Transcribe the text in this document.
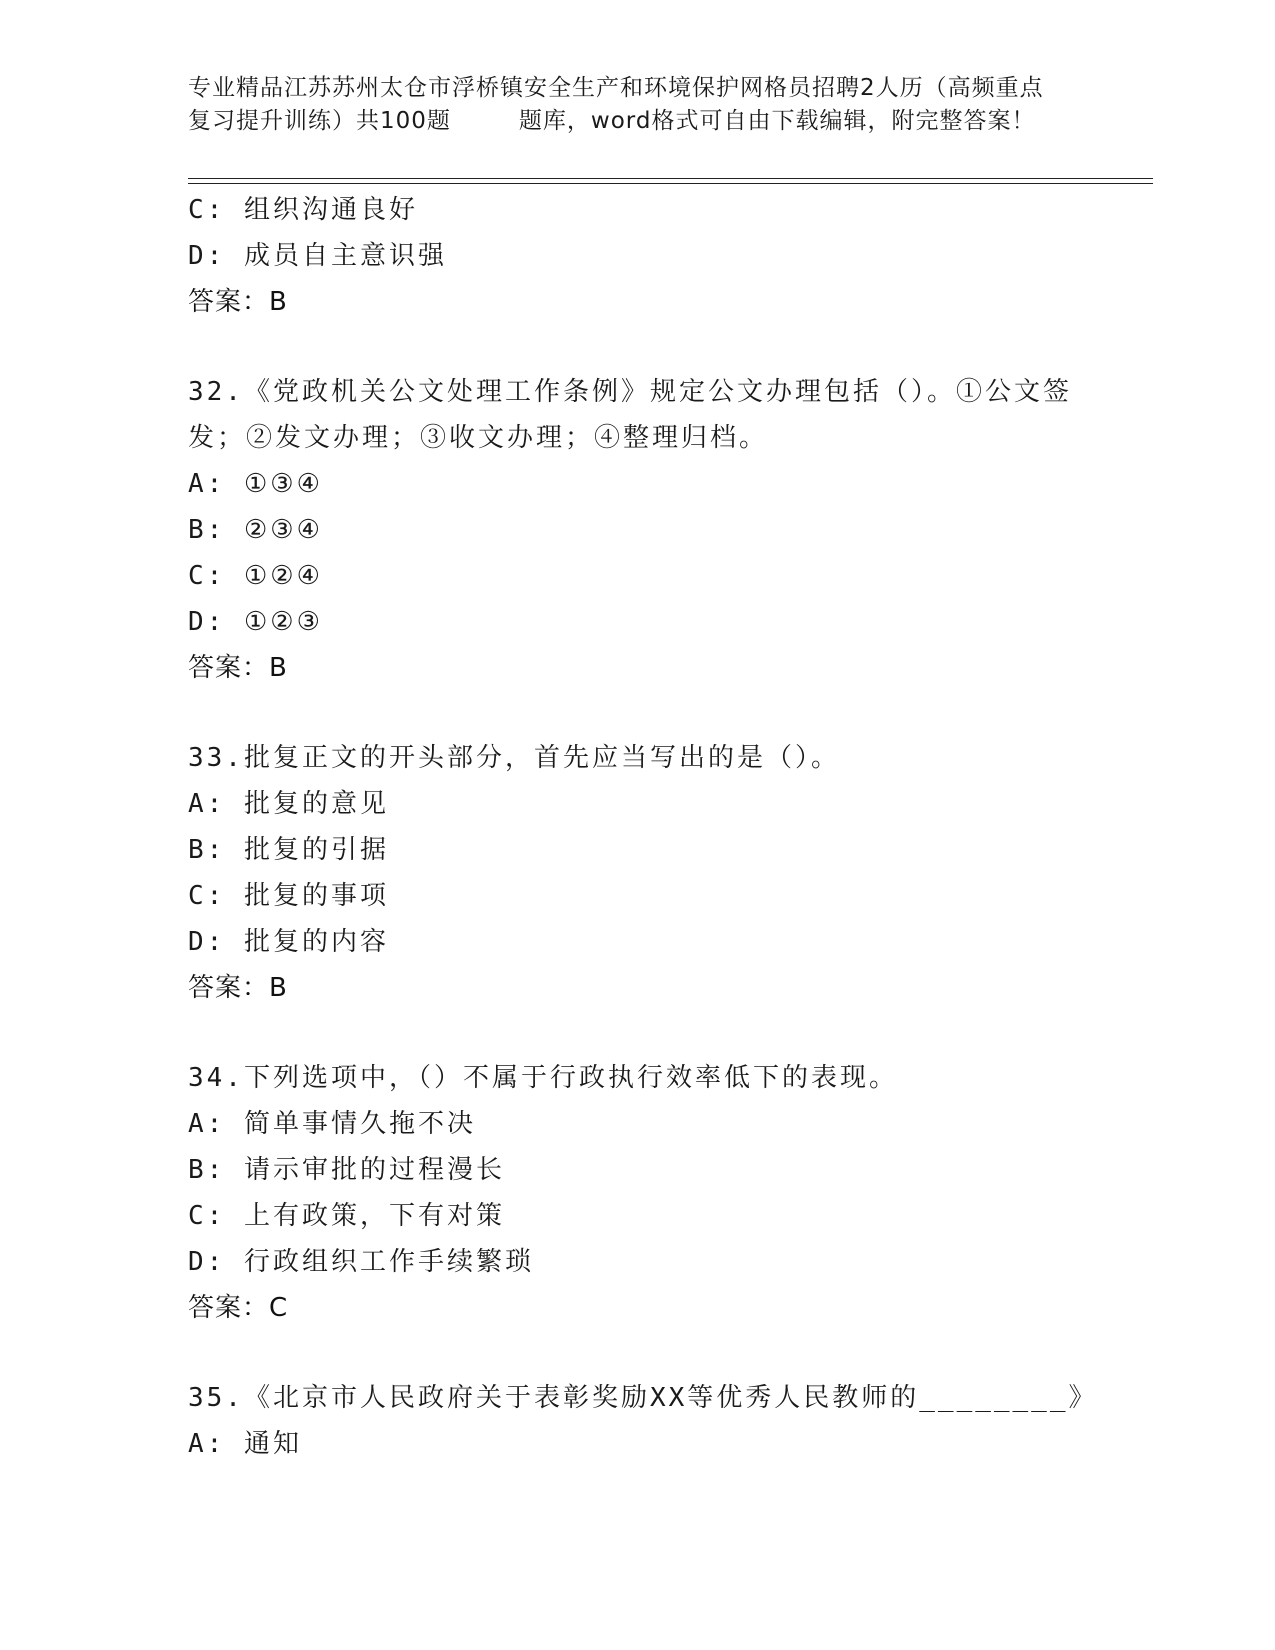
专业精品江苏苏州太仓市浮桥镇安全生产和环境保护网格员招聘2人历（高频重点
复习提升训练）共100题	题库，word格式可自由下载编辑，附完整答案！
C: 组织沟通良好
D: 成员自主意识强
答案：B
32.《党政机关公文处理工作条例》规定公文办理包括（）。①公文签
发；②发文办理；③收文办理；④整理归档。
A: ①③④
B: ②③④
C: ①②④
D: ①②③
答案：B
33.批复正文的开头部分，首先应当写出的是（）。
A: 批复的意见
B: 批复的引据
C: 批复的事项
D: 批复的内容
答案：B
34.下列选项中，（）不属于行政执行效率低下的表现。
A: 简单事情久拖不决
B: 请示审批的过程漫长
C: 上有政策，下有对策
D: 行政组织工作手续繁琐
答案：C
35.《北京市人民政府关于表彰奖励XX等优秀人民教师的________》
A: 通知
